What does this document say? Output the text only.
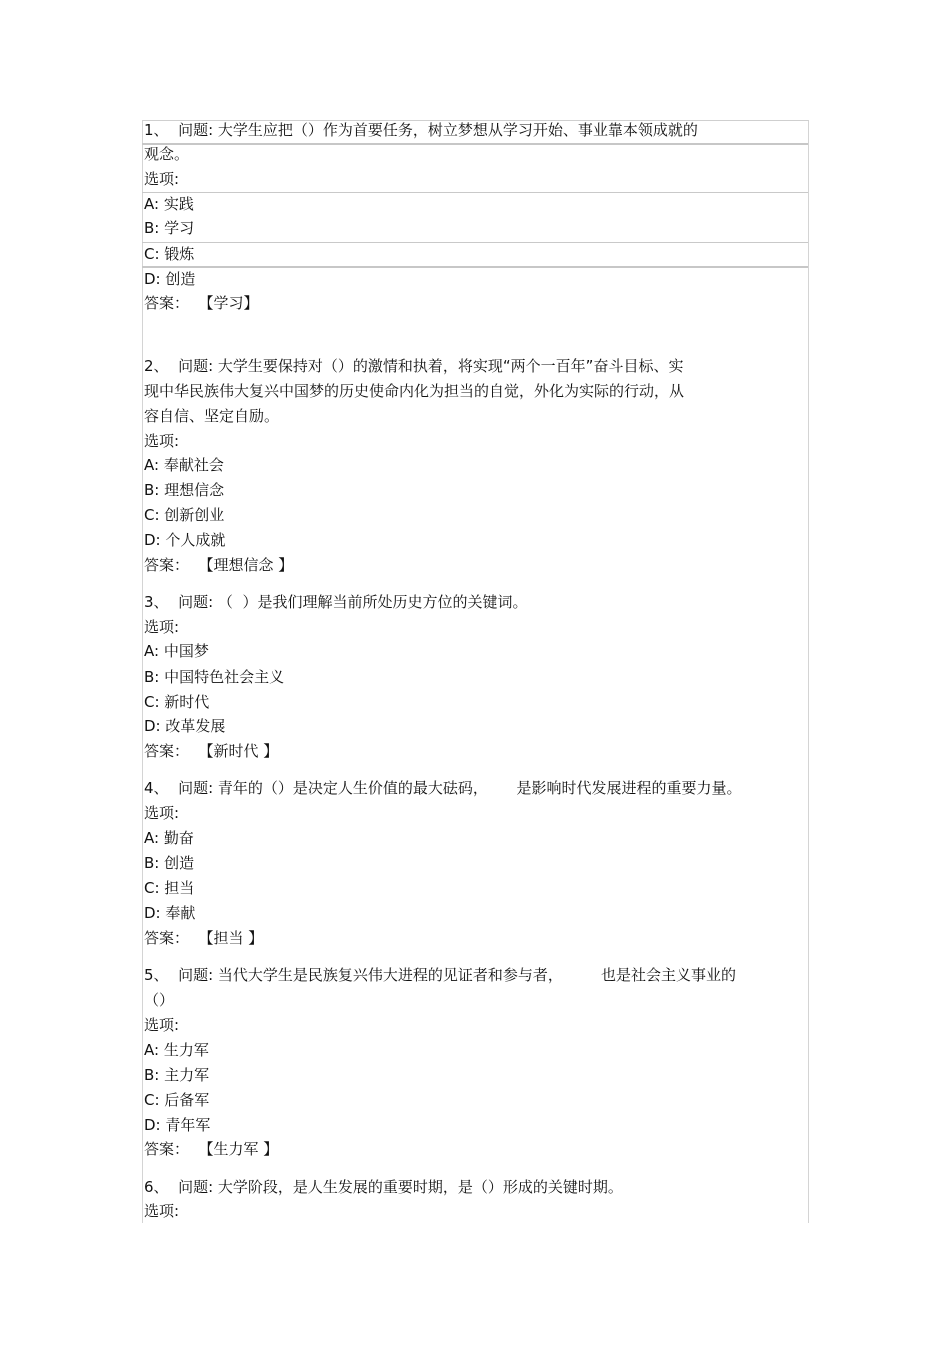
1、  问题: 大学生应把（）作为首要任务，树立梦想从学习开始、事业靠本领成就的
观念。
选项:
A: 实践
B: 学习
C: 锻炼
D: 创造
答案：  【学习】
2、  问题: 大学生要保持对（）的激情和执着，将实现“两个一百年”奋斗目标、实
现中华民族伟大复兴中国梦的历史使命内化为担当的自觉，外化为实际的行动，从
容自信、坚定自励。
选项:
A: 奉献社会
B: 理想信念
C: 创新创业
D: 个人成就
答案：  【理想信念 】
3、  问题: （  ）是我们理解当前所处历史方位的关键词。
选项:
A: 中国梦
B: 中国特色社会主义
C: 新时代
D: 改革发展
答案：  【新时代 】
4、  问题: 青年的（）是决定人生价值的最大砝码，      是影响时代发展进程的重要力量。
选项:
A: 勤奋
B: 创造
C: 担当
D: 奉献
答案：  【担当 】
5、  问题: 当代大学生是民族复兴伟大进程的见证者和参与者，        也是社会主义事业的
（）
选项:
A: 生力军
B: 主力军
C: 后备军
D: 青年军
答案：  【生力军 】
6、  问题: 大学阶段，是人生发展的重要时期，是（）形成的关键时期。
选项:
